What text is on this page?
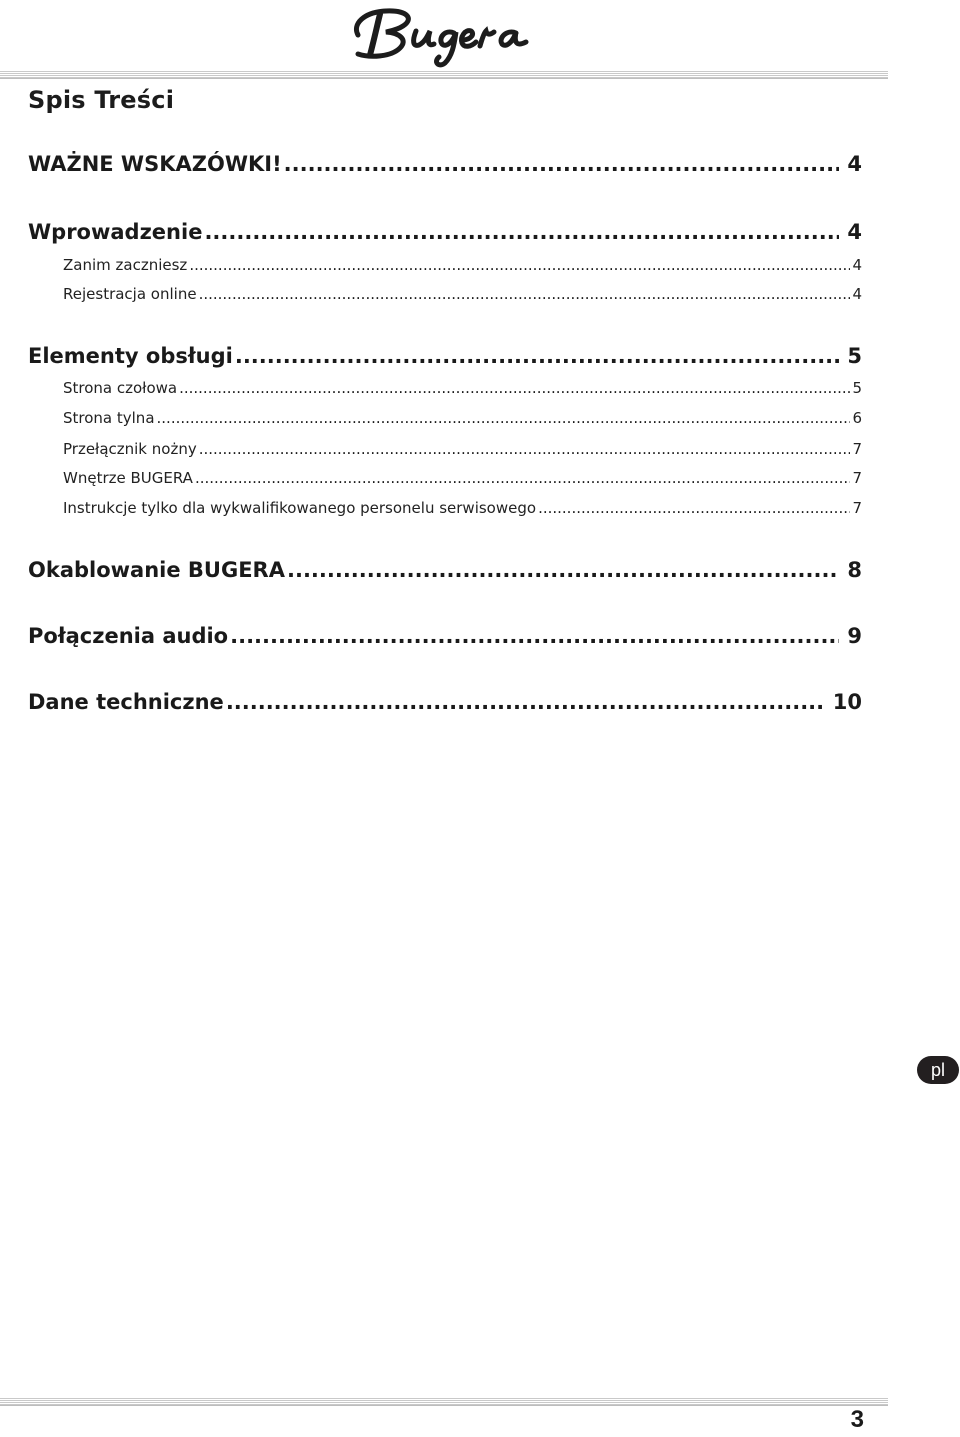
Spis Treści
WAŻNE WSKAZÓWKI! .....	4
Wprowadzenie .....	4
Zanim zaczniesz .....	4
Rejestracja online .....	4
Elementy obsługi .....	5
Strona czołowa .....	5
Strona tylna .....	6
Przełącznik nożny .....	7
Wnętrze BUGERA .....	7
Instrukcje tylko dla wykwalifikowanego personelu serwisowego .....	7
Okablowanie BUGERA .....	8
Połączenia audio .....	9
Dane techniczne .....	10
pl
3
